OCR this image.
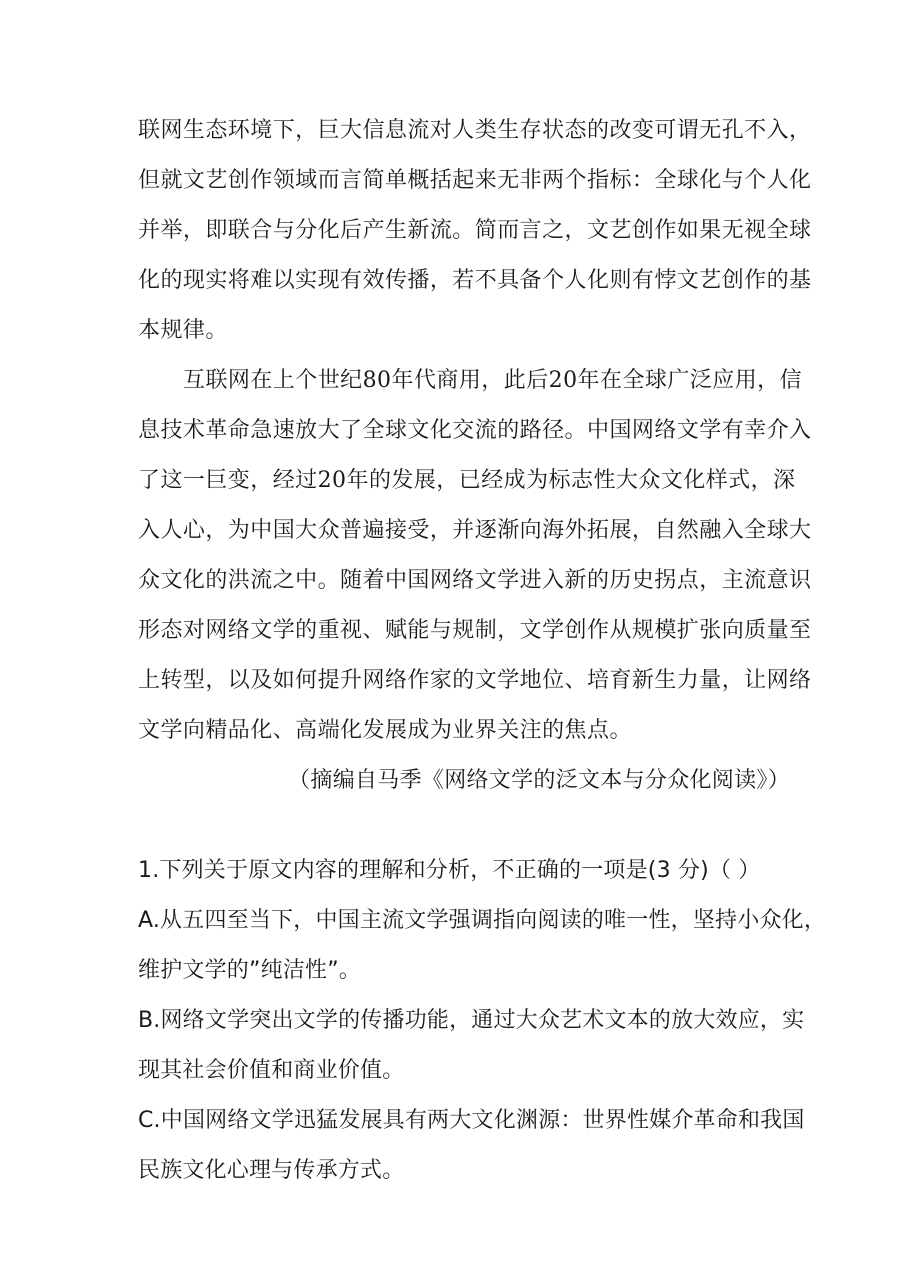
联网生态环境下，巨大信息流对人类生存状态的改变可谓无孔不入，
但就文艺创作领域而言简单概括起来无非两个指标：全球化与个人化
并举，即联合与分化后产生新流。简而言之，文艺创作如果无视全球
化的现实将难以实现有效传播，若不具备个人化则有悖文艺创作的基
本规律。
互联网在上个世纪80年代商用，此后20年在全球广泛应用，信
息技术革命急速放大了全球文化交流的路径。中国网络文学有幸介入
了这一巨变，经过20年的发展，已经成为标志性大众文化样式，深
入人心，为中国大众普遍接受，并逐渐向海外拓展，自然融入全球大
众文化的洪流之中。随着中国网络文学进入新的历史拐点，主流意识
形态对网络文学的重视、赋能与规制，文学创作从规模扩张向质量至
上转型，以及如何提升网络作家的文学地位、培育新生力量，让网络
文学向精品化、高端化发展成为业界关注的焦点。
（摘编自马季《网络文学的泛文本与分众化阅读》）
1.下列关于原文内容的理解和分析，不正确的一项是(3 分)（ ）
A.从五四至当下，中国主流文学强调指向阅读的唯一性，坚持小众化，
维护文学的”纯洁性”。
B.网络文学突出文学的传播功能，通过大众艺术文本的放大效应，实
现其社会价值和商业价值。
C.中国网络文学迅猛发展具有两大文化渊源：世界性媒介革命和我国
民族文化心理与传承方式。
